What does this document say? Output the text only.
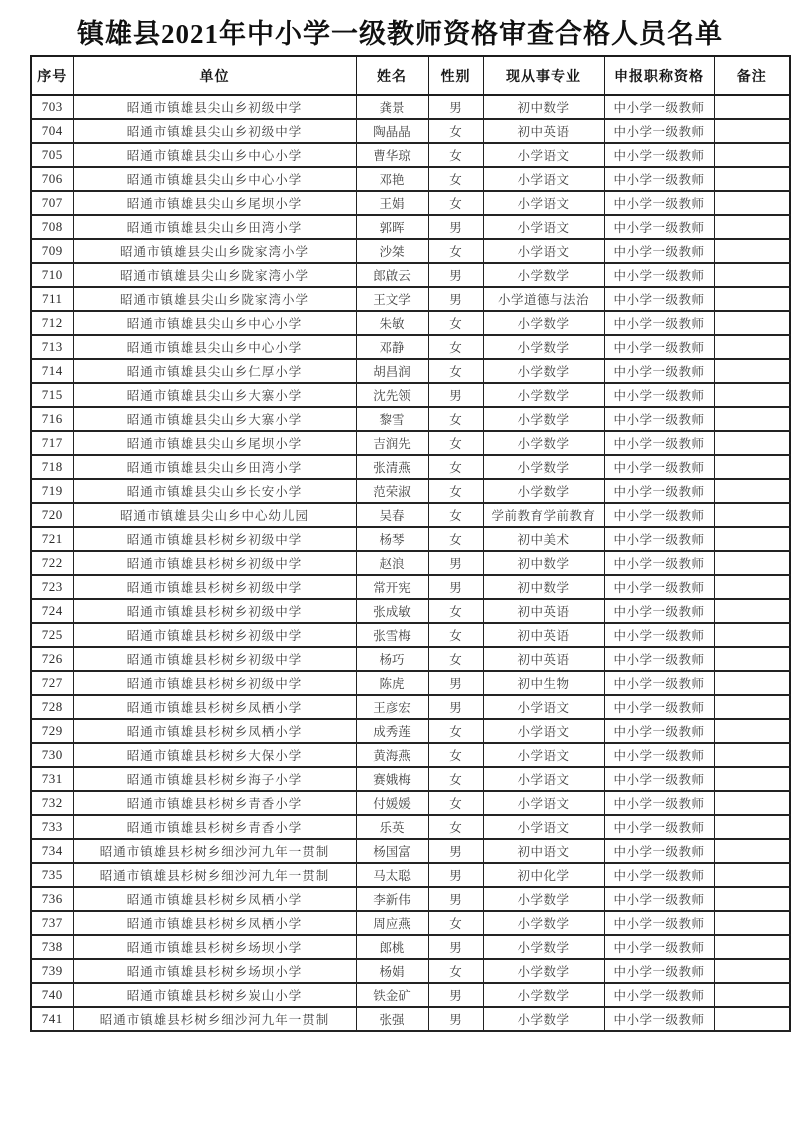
镇雄县2021年中小学一级教师资格审查合格人员名单
序号	单位	姓名	性别	现从事专业	申报职称资格	备注
703	昭通市镇雄县尖山乡初级中学	龚景	男	初中数学	中小学一级教师	
704	昭通市镇雄县尖山乡初级中学	陶晶晶	女	初中英语	中小学一级教师	
705	昭通市镇雄县尖山乡中心小学	曹华琼	女	小学语文	中小学一级教师	
706	昭通市镇雄县尖山乡中心小学	邓艳	女	小学语文	中小学一级教师	
707	昭通市镇雄县尖山乡尾坝小学	王娟	女	小学语文	中小学一级教师	
708	昭通市镇雄县尖山乡田湾小学	郭晖	男	小学语文	中小学一级教师	
709	昭通市镇雄县尖山乡陇家湾小学	沙桀	女	小学语文	中小学一级教师	
710	昭通市镇雄县尖山乡陇家湾小学	郎啟云	男	小学数学	中小学一级教师	
711	昭通市镇雄县尖山乡陇家湾小学	王文学	男	小学道德与法治	中小学一级教师	
712	昭通市镇雄县尖山乡中心小学	朱敏	女	小学数学	中小学一级教师	
713	昭通市镇雄县尖山乡中心小学	邓静	女	小学数学	中小学一级教师	
714	昭通市镇雄县尖山乡仁厚小学	胡昌润	女	小学数学	中小学一级教师	
715	昭通市镇雄县尖山乡大寨小学	沈先领	男	小学数学	中小学一级教师	
716	昭通市镇雄县尖山乡大寨小学	黎雪	女	小学数学	中小学一级教师	
717	昭通市镇雄县尖山乡尾坝小学	吉润先	女	小学数学	中小学一级教师	
718	昭通市镇雄县尖山乡田湾小学	张清燕	女	小学数学	中小学一级教师	
719	昭通市镇雄县尖山乡长安小学	范荣淑	女	小学数学	中小学一级教师	
720	昭通市镇雄县尖山乡中心幼儿园	吴春	女	学前教育学前教育	中小学一级教师	
721	昭通市镇雄县杉树乡初级中学	杨琴	女	初中美术	中小学一级教师	
722	昭通市镇雄县杉树乡初级中学	赵浪	男	初中数学	中小学一级教师	
723	昭通市镇雄县杉树乡初级中学	常开宪	男	初中数学	中小学一级教师	
724	昭通市镇雄县杉树乡初级中学	张成敏	女	初中英语	中小学一级教师	
725	昭通市镇雄县杉树乡初级中学	张雪梅	女	初中英语	中小学一级教师	
726	昭通市镇雄县杉树乡初级中学	杨巧	女	初中英语	中小学一级教师	
727	昭通市镇雄县杉树乡初级中学	陈虎	男	初中生物	中小学一级教师	
728	昭通市镇雄县杉树乡凤栖小学	王彦宏	男	小学语文	中小学一级教师	
729	昭通市镇雄县杉树乡凤栖小学	成秀莲	女	小学语文	中小学一级教师	
730	昭通市镇雄县杉树乡大保小学	黄海燕	女	小学语文	中小学一级教师	
731	昭通市镇雄县杉树乡海子小学	赛娥梅	女	小学语文	中小学一级教师	
732	昭通市镇雄县杉树乡青香小学	付媛媛	女	小学语文	中小学一级教师	
733	昭通市镇雄县杉树乡青香小学	乐英	女	小学语文	中小学一级教师	
734	昭通市镇雄县杉树乡细沙河九年一贯制	杨国富	男	初中语文	中小学一级教师	
735	昭通市镇雄县杉树乡细沙河九年一贯制	马太聪	男	初中化学	中小学一级教师	
736	昭通市镇雄县杉树乡凤栖小学	李新伟	男	小学数学	中小学一级教师	
737	昭通市镇雄县杉树乡凤栖小学	周应燕	女	小学数学	中小学一级教师	
738	昭通市镇雄县杉树乡场坝小学	郎桃	男	小学数学	中小学一级教师	
739	昭通市镇雄县杉树乡场坝小学	杨娟	女	小学数学	中小学一级教师	
740	昭通市镇雄县杉树乡炭山小学	铁金矿	男	小学数学	中小学一级教师	
741	昭通市镇雄县杉树乡细沙河九年一贯制	张强	男	小学数学	中小学一级教师	
